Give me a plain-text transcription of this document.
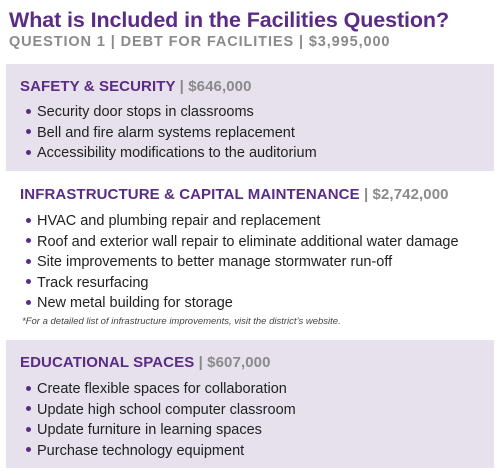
What is Included in the Facilities Question?
QUESTION 1 | DEBT FOR FACILITIES | $3,995,000
SAFETY & SECURITY | $646,000
Security door stops in classrooms
Bell and fire alarm systems replacement
Accessibility modifications to the auditorium
INFRASTRUCTURE & CAPITAL MAINTENANCE | $2,742,000
HVAC and plumbing repair and replacement
Roof and exterior wall repair to eliminate additional water damage
Site improvements to better manage stormwater run-off
Track resurfacing
New metal building for storage
*For a detailed list of infrastructure improvements, visit the district’s website.
EDUCATIONAL SPACES | $607,000
Create flexible spaces for collaboration
Update high school computer classroom
Update furniture in learning spaces
Purchase technology equipment
